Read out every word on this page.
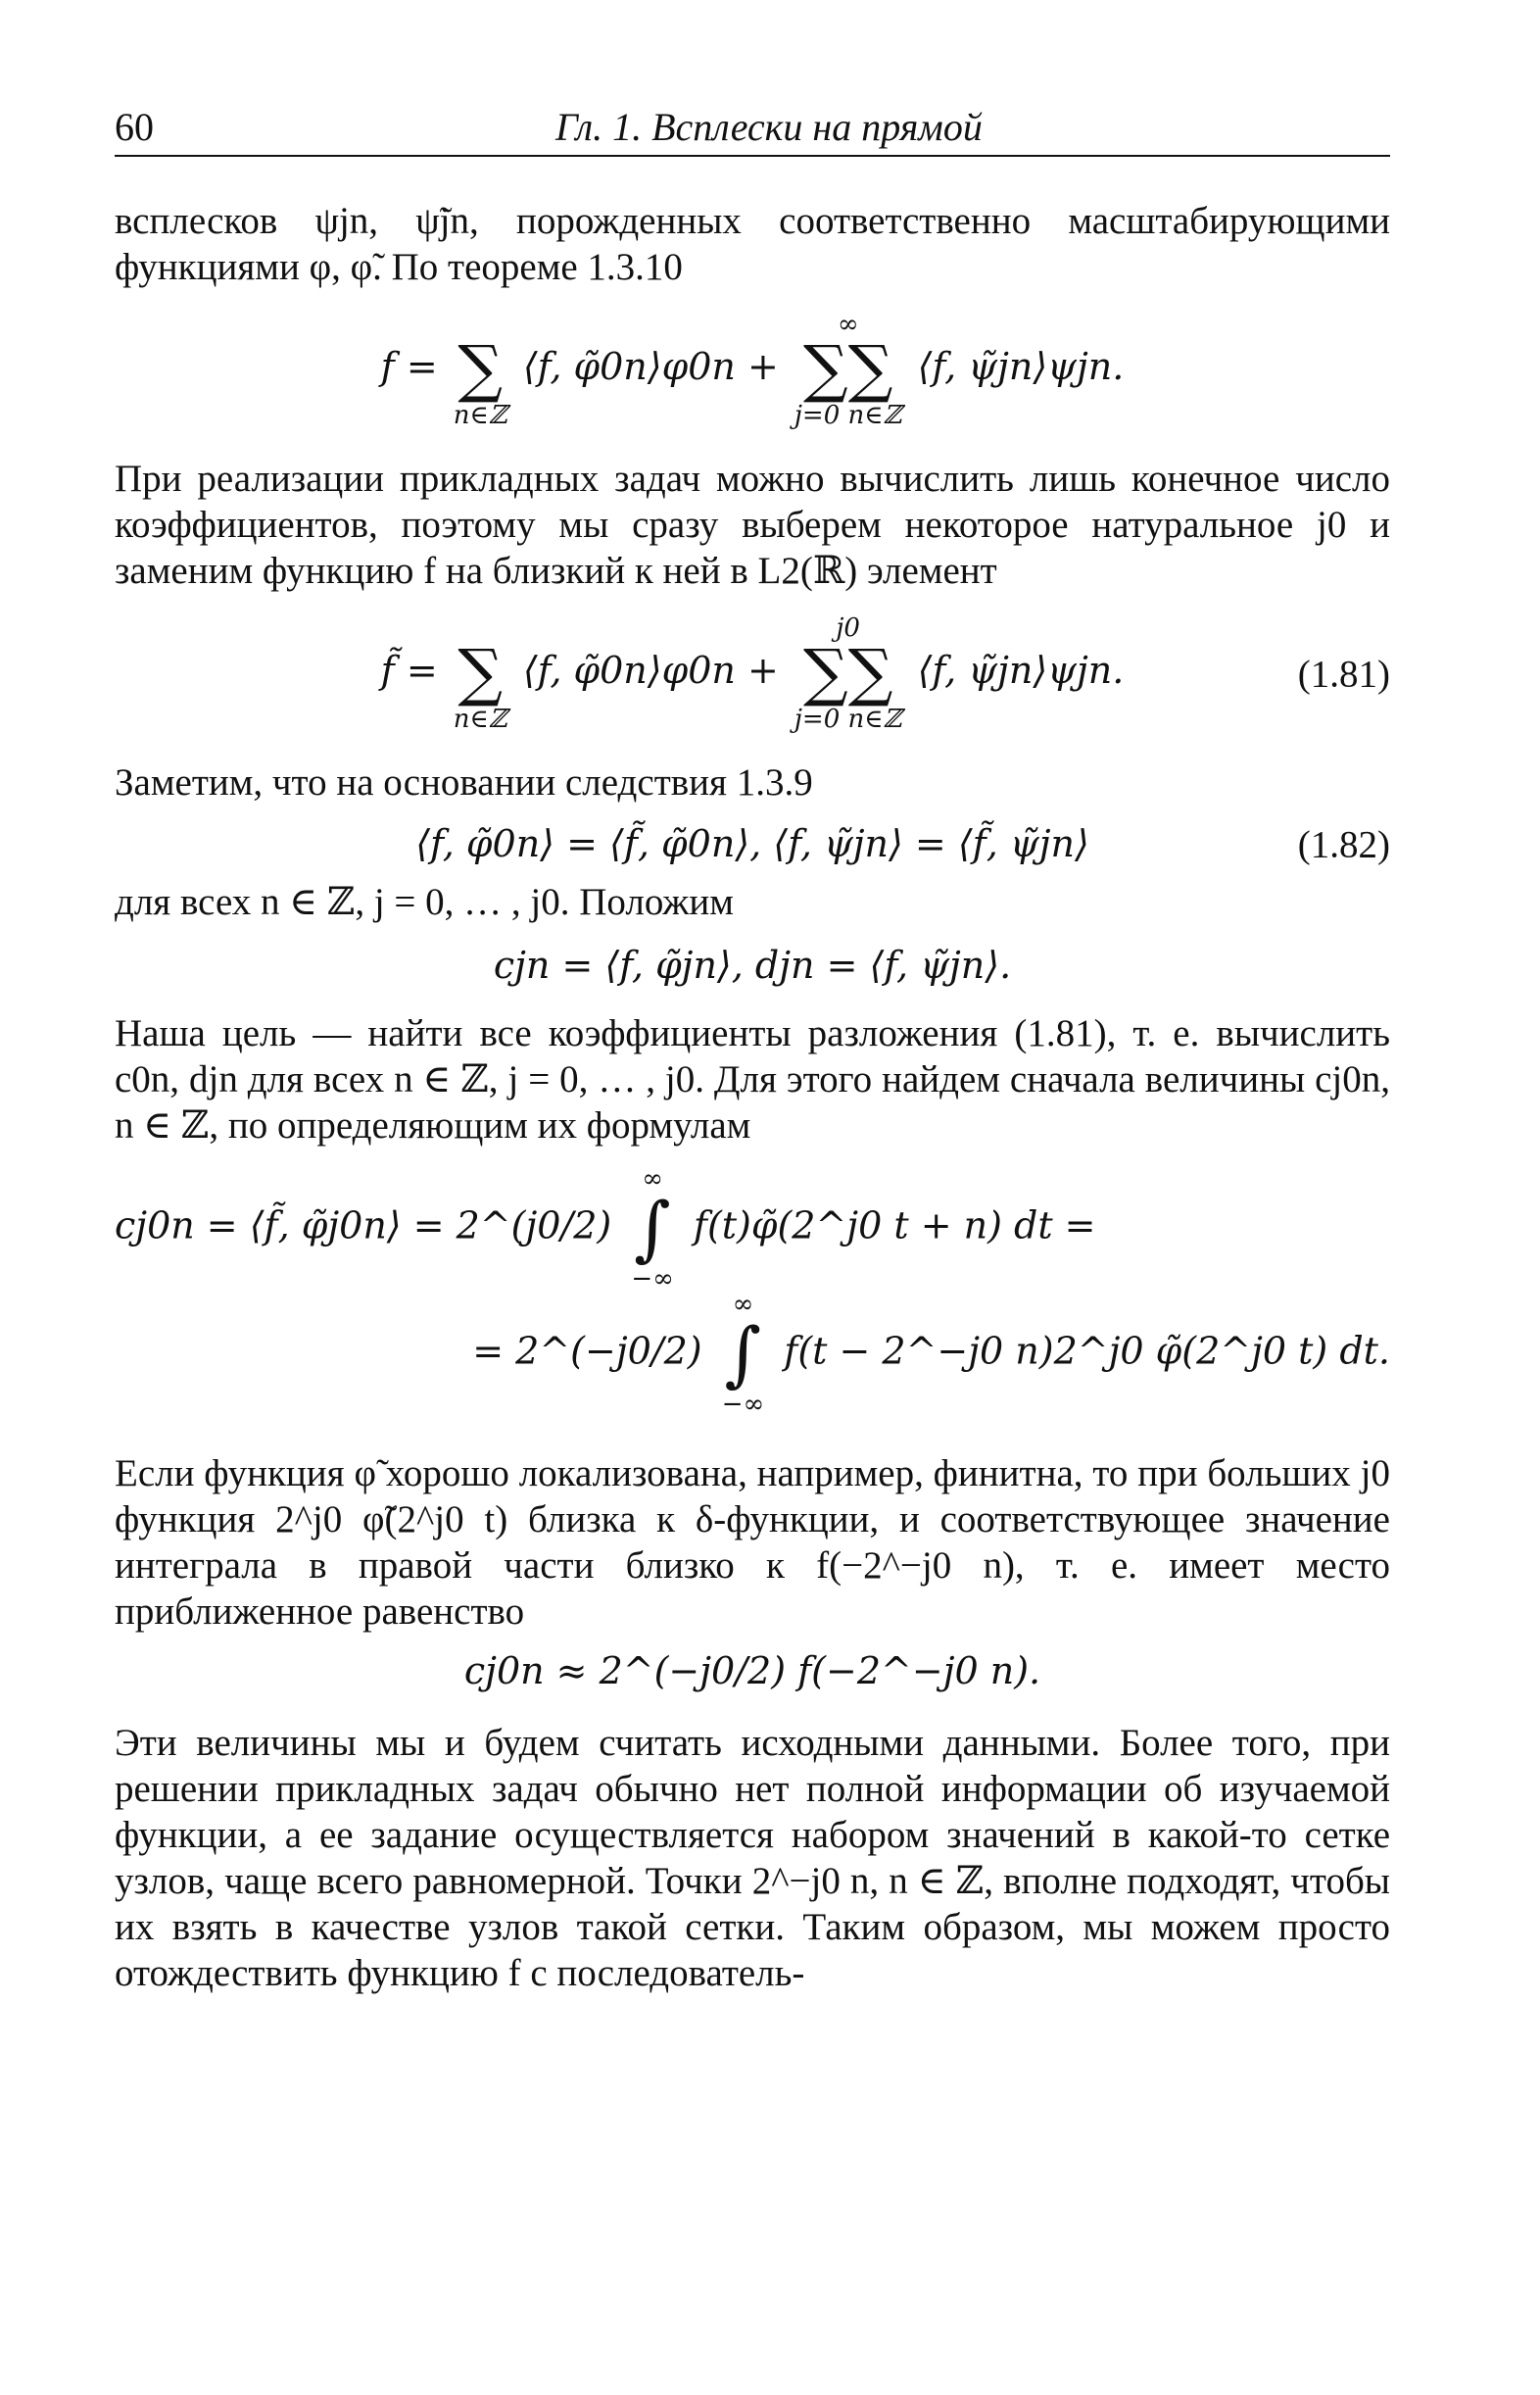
60	Гл. 1. Всплески на прямой

всплесков ψjn, ψ̃jn, порожденных соответственно масштабирующими функциями φ, φ̃. По теореме 1.3.10

f =
∑
n∈ℤ
⟨f, φ̃0n⟩φ0n +
∞
∑∑
j=0 n∈ℤ
⟨f, ψ̃jn⟩ψjn.

При реализации прикладных задач можно вычислить лишь конечное число коэффициентов, поэтому мы сразу выберем некоторое натуральное j0 и заменим функцию f на близкий к ней в L2(ℝ) элемент

f̃ =
∑
n∈ℤ
⟨f, φ̃0n⟩φ0n +
j0
∑∑
j=0 n∈ℤ
⟨f, ψ̃jn⟩ψjn.	(1.81)

Заметим, что на основании следствия 1.3.9

⟨f, φ̃0n⟩ = ⟨f̃, φ̃0n⟩, ⟨f, ψ̃jn⟩ = ⟨f̃, ψ̃jn⟩	(1.82)

для всех n ∈ ℤ, j = 0, … , j0. Положим

cjn = ⟨f, φ̃jn⟩, djn = ⟨f, ψ̃jn⟩.

Наша цель — найти все коэффициенты разложения (1.81), т. е. вычислить c0n, djn для всех n ∈ ℤ, j = 0, … , j0. Для этого найдем сначала величины cj0n, n ∈ ℤ, по определяющим их формулам

cj0n = ⟨f̃, φ̃j0n⟩ = 2^(j0/2)
∞
∫
−∞
f(t)φ̃(2^j0 t + n) dt =
= 2^(−j0/2)
∞
∫
−∞
f(t − 2^−j0 n)2^j0 φ̃(2^j0 t) dt.

Если функция φ̃ хорошо локализована, например, финитна, то при больших j0 функция 2^j0 φ̃(2^j0 t) близка к δ-функции, и соответствующее значение интеграла в правой части близко к f(−2^−j0 n), т. е. имеет место приближенное равенство

cj0n ≈ 2^(−j0/2) f(−2^−j0 n).

Эти величины мы и будем считать исходными данными. Более того, при решении прикладных задач обычно нет полной информации об изучаемой функции, а ее задание осуществляется набором значений в какой-то сетке узлов, чаще всего равномерной. Точки 2^−j0 n, n ∈ ℤ, вполне подходят, чтобы их взять в качестве узлов такой сетки. Таким образом, мы можем просто отождествить функцию f с последователь-
